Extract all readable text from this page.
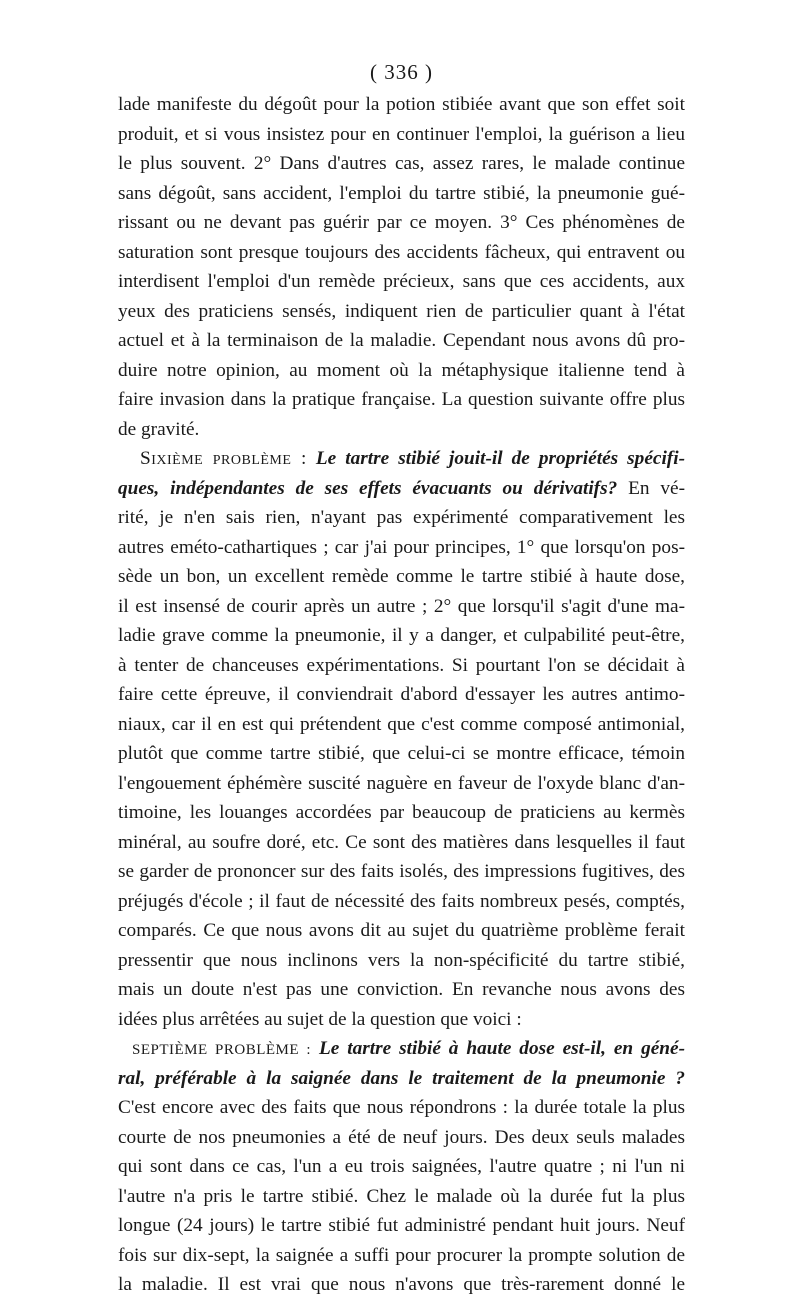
( 336 )
lade manifeste du dégoût pour la potion stibiée avant que son effet soit
produit, et si vous insistez pour en continuer l'emploi, la guérison a lieu
le plus souvent. 2° Dans d'autres cas, assez rares, le malade continue
sans dégoût, sans accident, l'emploi du tartre stibié, la pneumonie gué-
rissant ou ne devant pas guérir par ce moyen. 3° Ces phénomènes de
saturation sont presque toujours des accidents fâcheux, qui entravent ou
interdisent l'emploi d'un remède précieux, sans que ces accidents, aux
yeux des praticiens sensés, indiquent rien de particulier quant à l'état
actuel et à la terminaison de la maladie. Cependant nous avons dû pro-
duire notre opinion, au moment où la métaphysique italienne tend à
faire invasion dans la pratique française. La question suivante offre plus
de gravité.
Sixième problème : Le tartre stibié jouit-il de propriétés spécifi-
ques, indépendantes de ses effets évacuants ou dérivatifs? En vé-
rité, je n'en sais rien, n'ayant pas expérimenté comparativement les
autres eméto-cathartiques ; car j'ai pour principes, 1° que lorsqu'on pos-
sède un bon, un excellent remède comme le tartre stibié à haute dose,
il est insensé de courir après un autre ; 2° que lorsqu'il s'agit d'une ma-
ladie grave comme la pneumonie, il y a danger, et culpabilité peut-être,
à tenter de chanceuses expérimentations. Si pourtant l'on se décidait à
faire cette épreuve, il conviendrait d'abord d'essayer les autres antimo-
niaux, car il en est qui prétendent que c'est comme composé antimonial,
plutôt que comme tartre stibié, que celui-ci se montre efficace, témoin
l'engouement éphémère suscité naguère en faveur de l'oxyde blanc d'an-
timoine, les louanges accordées par beaucoup de praticiens au kermès
minéral, au soufre doré, etc. Ce sont des matières dans lesquelles il faut
se garder de prononcer sur des faits isolés, des impressions fugitives, des
préjugés d'école ; il faut de nécessité des faits nombreux pesés, comptés,
comparés. Ce que nous avons dit au sujet du quatrième problème ferait
pressentir que nous inclinons vers la non-spécificité du tartre stibié,
mais un doute n'est pas une conviction. En revanche nous avons des
idées plus arrêtées au sujet de la question que voici :
SEPTIÈME PROBLÈME : Le tartre stibié à haute dose est-il, en géné-
ral, préférable à la saignée dans le traitement de la pneumonie ?
C'est encore avec des faits que nous répondrons : la durée totale la plus
courte de nos pneumonies a été de neuf jours. Des deux seuls malades
qui sont dans ce cas, l'un a eu trois saignées, l'autre quatre ; ni l'un ni
l'autre n'a pris le tartre stibié. Chez le malade où la durée fut la plus
longue (24 jours) le tartre stibié fut administré pendant huit jours. Neuf
fois sur dix-sept, la saignée a suffi pour procurer la prompte solution de
la maladie. Il est vrai que nous n'avons que très-rarement donné le
